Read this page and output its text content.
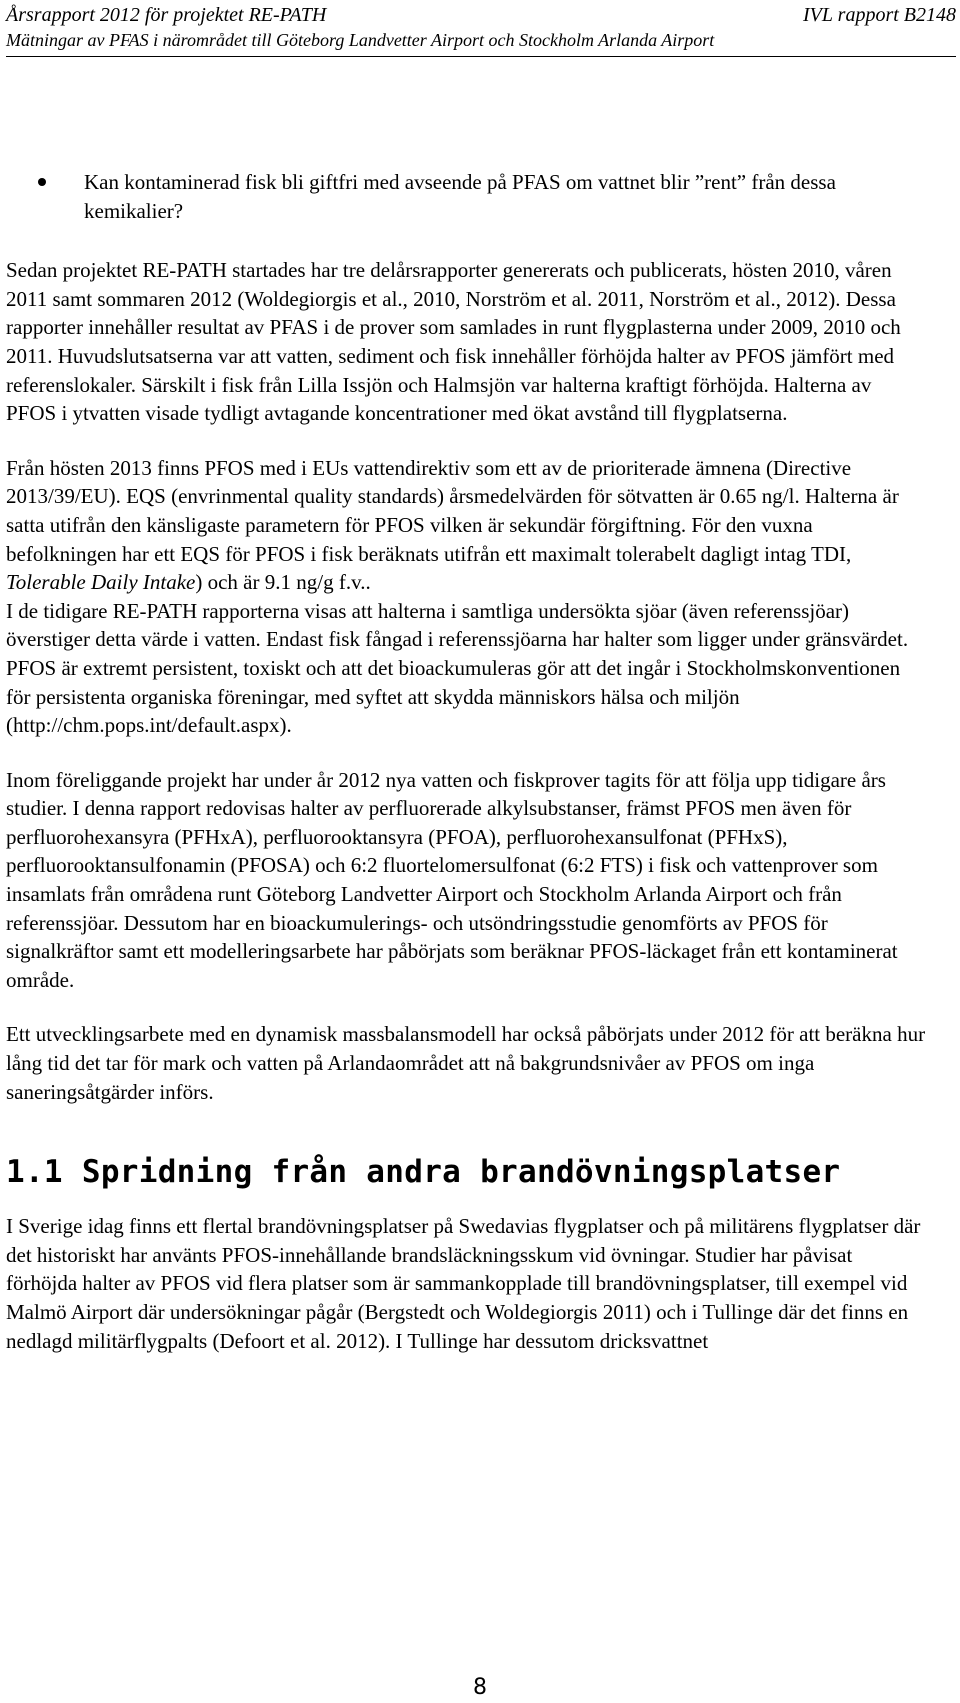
Årsrapport 2012 för projektet RE-PATH	IVL rapport B2148
Mätningar av PFAS i närområdet till Göteborg Landvetter Airport och Stockholm Arlanda Airport
Kan kontaminerad fisk bli giftfri med avseende på PFAS om vattnet blir ”rent” från dessa kemikalier?

Sedan projektet RE-PATH startades har tre delårsrapporter genererats och publicerats, hösten 2010, våren 2011 samt sommaren 2012 (Woldegiorgis et al., 2010, Norström et al. 2011, Norström et al., 2012). Dessa rapporter innehåller resultat av PFAS i de prover som samlades in runt flygplasterna under 2009, 2010 och 2011. Huvudslutsatserna var att vatten, sediment och fisk innehåller förhöjda halter av PFOS jämfört med referenslokaler. Särskilt i fisk från Lilla Issjön och Halmsjön var halterna kraftigt förhöjda. Halterna av PFOS i ytvatten visade tydligt avtagande koncentrationer med ökat avstånd till flygplatserna.

Från hösten 2013 finns PFOS med i EUs vattendirektiv som ett av de prioriterade ämnena (Directive 2013/39/EU). EQS (envrinmental quality standards) årsmedelvärden för sötvatten är 0.65 ng/l. Halterna är satta utifrån den känsligaste parametern för PFOS vilken är sekundär förgiftning. För den vuxna befolkningen har ett EQS för PFOS i fisk beräknats utifrån ett maximalt tolerabelt dagligt intag TDI, Tolerable Daily Intake) och är 9.1 ng/g f.v..

I de tidigare RE-PATH rapporterna visas att halterna i samtliga undersökta sjöar (även referenssjöar) överstiger detta värde i vatten. Endast fisk fångad i referenssjöarna har halter som ligger under gränsvärdet.

PFOS är extremt persistent, toxiskt och att det bioackumuleras gör att det ingår i Stockholmskonventionen för persistenta organiska föreningar, med syftet att skydda människors hälsa och miljön (http://chm.pops.int/default.aspx).

Inom föreliggande projekt har under år 2012 nya vatten och fiskprover tagits för att följa upp tidigare års studier. I denna rapport redovisas halter av perfluorerade alkylsubstanser, främst PFOS men även för perfluorohexansyra (PFHxA), perfluorooktansyra (PFOA), perfluorohexansulfonat (PFHxS), perfluorooktansulfonamin (PFOSA) och 6:2 fluortelomersulfonat (6:2 FTS) i fisk och vattenprover som insamlats från områdena runt Göteborg Landvetter Airport och Stockholm Arlanda Airport och från referenssjöar. Dessutom har en bioackumulerings- och utsöndringsstudie genomförts av PFOS för signalkräftor samt ett modelleringsarbete har påbörjats som beräknar PFOS-läckaget från ett kontaminerat område.

Ett utvecklingsarbete med en dynamisk massbalansmodell har också påbörjats under 2012 för att beräkna hur lång tid det tar för mark och vatten på Arlandaområdet att nå bakgrundsnivåer av PFOS om inga saneringsåtgärder införs.

1.1 Spridning från andra brandövningsplatser

I Sverige idag finns ett flertal brandövningsplatser på Swedavias flygplatser och på militärens flygplatser där det historiskt har använts PFOS-innehållande brandsläckningsskum vid övningar. Studier har påvisat förhöjda halter av PFOS vid flera platser som är sammankopplade till brandövningsplatser, till exempel vid Malmö Airport där undersökningar pågår (Bergstedt och Woldegiorgis 2011) och i Tullinge där det finns en nedlagd militärflygpalts (Defoort et al. 2012). I Tullinge har dessutom dricksvattnet

8
